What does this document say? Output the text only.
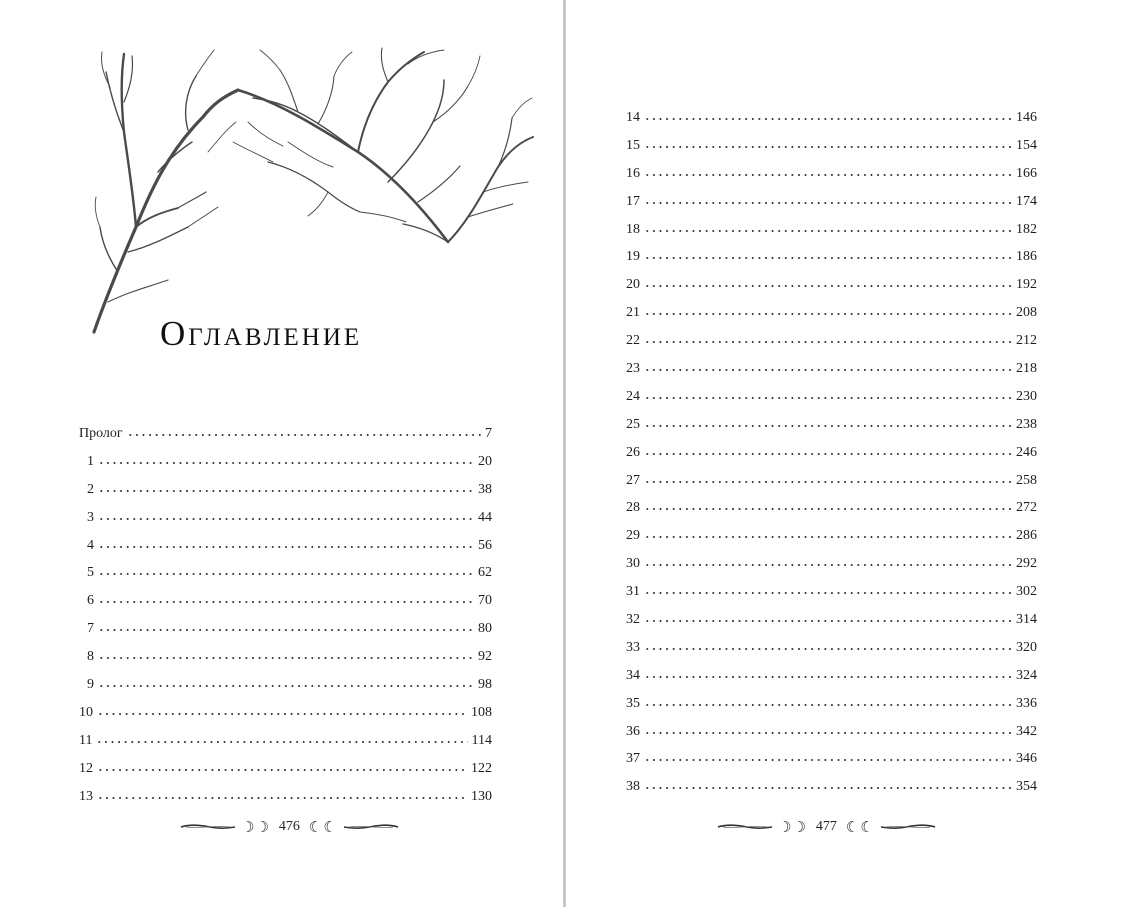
Оглавление
Пролог	7
1	20
2	38
3	44
4	56
5	62
6	70
7	80
8	92
9	98
10	108
11	114
12	122
13	130
☽☽ 476 ☾☾
14	146
15	154
16	166
17	174
18	182
19	186
20	192
21	208
22	212
23	218
24	230
25	238
26	246
27	258
28	272
29	286
30	292
31	302
32	314
33	320
34	324
35	336
36	342
37	346
38	354
☽☽ 477 ☾☾
